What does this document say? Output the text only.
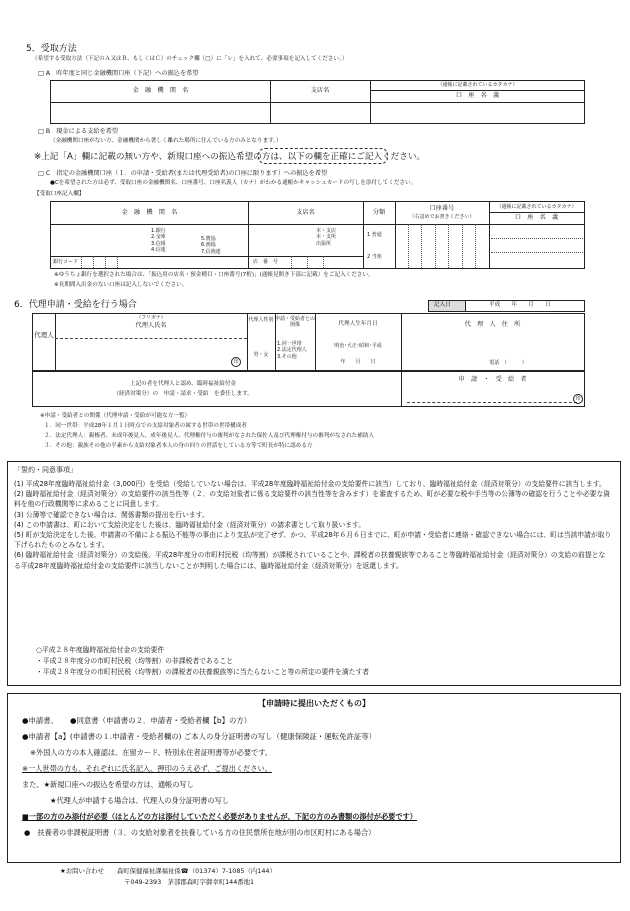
5．受取方法
（希望する受取方法（下記のＡ又はＢ、もしくはＣ）のチェック欄（□）に「レ」を入れて、必要事項を記入してください。）
□ A　昨年度と同じ金融機関口座（下記）への振込を希望
金　融　機　関　名	支店名
（通帳に記載されているカタカナ）
口　座　名　義
□ B　現金による支給を希望
（金融機関口座がない方、金融機関から著しく離れた場所に住んでいる方のみとなります。）
※上記「A」欄に記載の無い方や、新規口座への振込希望の方は、以下の欄を正確にご記入ください。
□ C　指定の金融機関口座（１．の申請・受給者(または代理受給者)の口座に限ります）への振込を希望
●Cを希望された方は必ず、受取口座の金融機関名、口座番号、口座名義人（カナ）がわかる通帳かキャッシュカードの写しを添付してください。
【受取口座記入欄】
金　融　機　関　名	支店名	分類
口座番号
（右詰めでお書きください）
（通帳に記載されているカタカナ）
口　座　名　義
銀行コード
1.銀行
2.金庫
3.信組
4.信連
5.農協
6.漁協
7.信漁連
本・支店
本・支所
出張所
店　番　号
1 普通
2 当座
※ゆうちょ銀行を選択された場合は、「振込用の店名・預金種目・口座番号(7桁)」(通帳見開き下部に記載）をご記入ください。
※長期間入出金のない口座は記入しないでください。
6．代理申請・受給を行う場合	記入日	平成　　年　　月　　日
代理人
（フリガナ）
代理人氏名
印
代理人性別
男・女
申請・受給者との関係
1.同一世帯
2.法定代理人
3.その他
代理人生年月日
明治･大正･昭和･平成
年　　月　　日
代　理　人　住　所
電話　（　　　）
上記の者を代理人と認め、臨時福祉給付金
（経済対策分）の　申請・請求・受給　を委任します。
申　請　・　受　給　者
印
※申請・受給者との関係（代理申請・受給が可能な方一覧）
１．同一世帯：平成28年１月１日時点での支給対象者の属する世帯の世帯構成者
２．法定代理人：親権者、未成年後見人、成年後見人、代理権付与の審判がなされた保佐人及び代理権付与の審判がなされた補助人
３．その他：親族その他の平素から支給対象者本人の身の回りの世話をしている方等で町長が特に認める方
「誓約・同意事項」
(1) 平成28年度臨時福祉給付金（3,000円）を受給（受給していない場合は、平成28年度臨時福祉給付金の支給要件に該当）しており、臨時福祉給付金（経済対策分）の支給要件に該当します。
(2) 臨時福祉給付金（経済対策分）の支給要件の該当性等（２．の支給対象者に係る支給要件の該当性等を含みます）を審査するため、町が必要な税や手当等の公簿等の確認を行うことや必要な資料を他の行政機関等に求めることに同意します。
(3) 公簿等で確認できない場合は、関係書類の提出を行います。
(4) この申請書は、町において支給決定をした後は、臨時福祉給付金（経済対策分）の請求書として取り扱います。
(5) 町が支給決定をした後、申請書の不備による振込不能等の事由により支払が完了せず、かつ、平成28年６月６日までに、町が申請・受給者に連絡・確認できない場合には、町は当該申請が取り下げられたものとみなします。
(6) 臨時福祉給付金（経済対策分）の支給後、平成28年度分の市町村民税（均等割）が課税されていることや、課税者の扶養親族等であること等臨時福祉給付金（経済対策分）の支給の前提となる平成28年度臨時福祉給付金の支給要件に該当しないことが判明した場合には、臨時福祉給付金（経済対策分）を返還します。
○平成２８年度臨時福祉給付金の支給要件
・平成２８年度分の市町村民税（均等割）の非課税者であること
・平成２８年度分の市町村民税（均等割）の課税者の扶養親族等に当たらないこと等の所定の要件を満たす者
【申請時に提出いただくもの】
●申請書、 ●同意書（申請書の２．申請者・受給者欄【b】の方）
●申請者【a】(申請書の１.申請者・受給者欄の) ご本人の身分証明書の写し（健康保険証・運転免許証等）
※外国人の方の本人確認は、在留カード、特別永住者証明書等が必要です。
※一人世帯の方も、それぞれに氏名記入、押印のうえ必ず、ご提出ください。
また、★新規口座への振込を希望の方は、通帳の写し
★代理人が申請する場合は、代理人の身分証明書の写し
■一部の方のみ添付が必要（ほとんどの方は添付していただく必要がありませんが、下記の方のみ書類の添付が必要です）
●　扶養者の非課税証明書（３．の支給対象者を扶養している方の住民票所在地が別の市区町村にある場合）
★お問い合わせ　　森町保健福祉課福祉係☎（01374）7-1085（内144）
〒049-2393　茅部郡森町字御幸町144番地1
